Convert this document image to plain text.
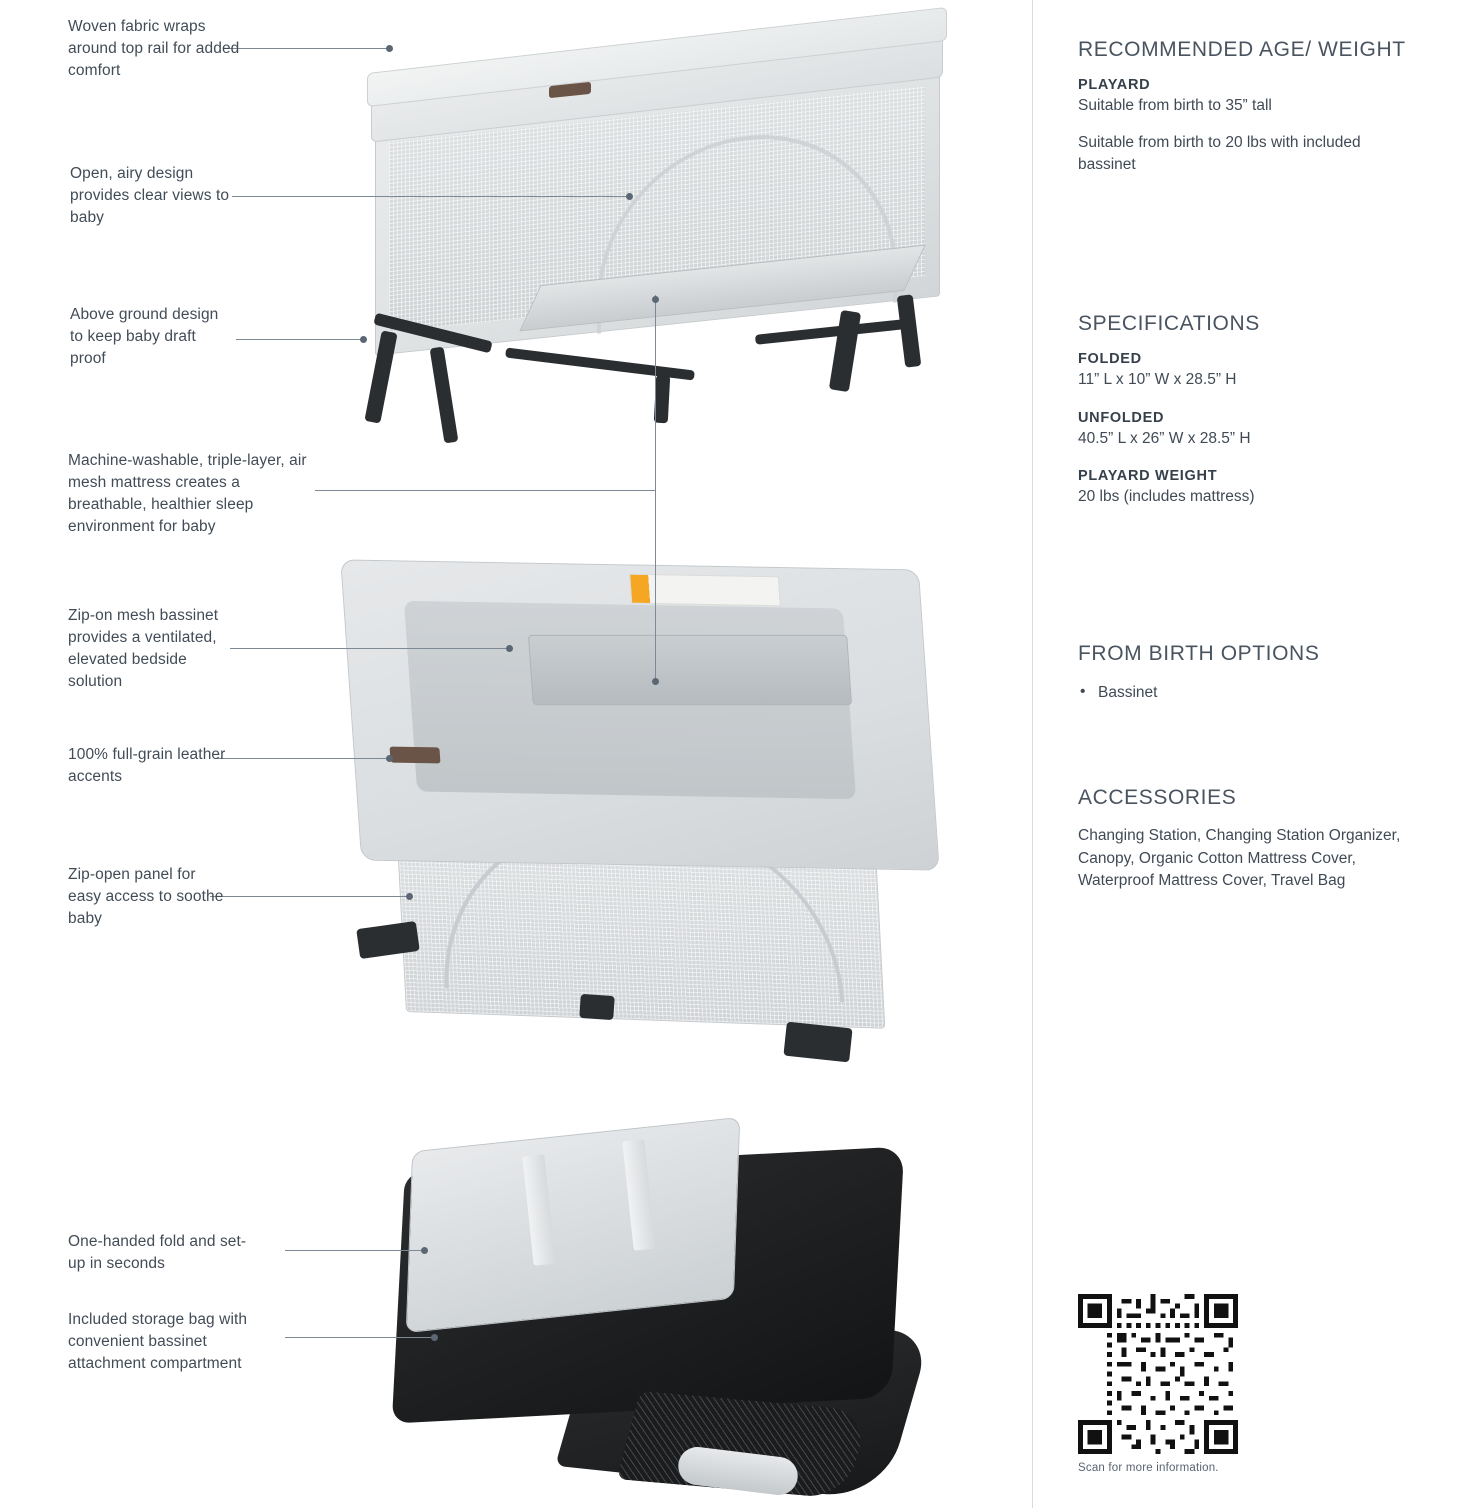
Woven fabric wraps around top rail for added comfort
Open, airy design provides clear views to baby
Above ground design to keep baby draft proof
Machine-washable, triple-layer, air mesh mattress creates a breathable, healthier sleep environment for baby
Zip-on mesh bassinet provides a ventilated, elevated bedside solution
100% full-grain leather accents
Zip-open panel for easy access to soothe baby
One-handed fold and set-up in seconds
Included storage bag with convenient bassinet attachment compartment
RECOMMENDED AGE/ WEIGHT
PLAYARD

Suitable from birth to 35” tall

Suitable from birth to 20 lbs with included bassinet

SPECIFICATIONS
FOLDED

11” L x 10” W x 28.5” H

UNFOLDED

40.5” L x 26” W x 28.5” H

PLAYARD WEIGHT

20 lbs (includes mattress)

FROM BIRTH OPTIONS
• Bassinet
ACCESSORIES

Changing Station, Changing Station Organizer, Canopy, Organic Cotton Mattress Cover, Waterproof Mattress Cover, Travel Bag

Scan for more information.
